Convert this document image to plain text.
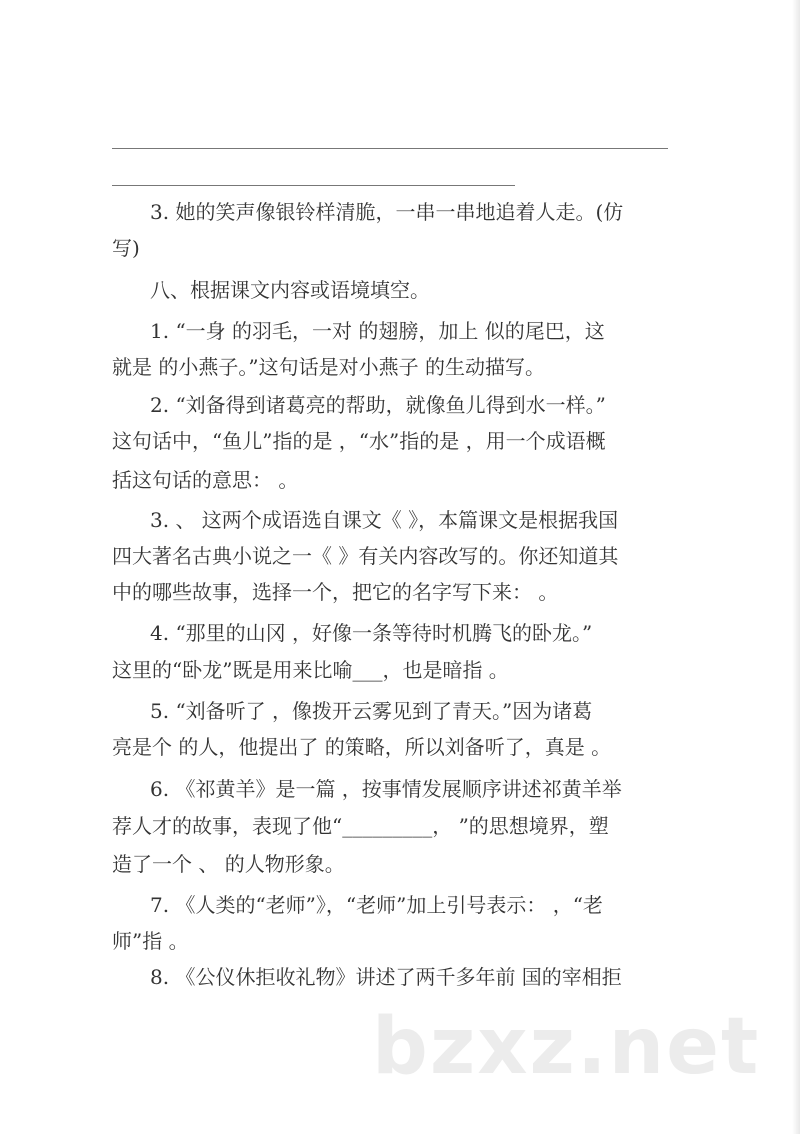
3. 她的笑声像银铃样清脆，一串一串地追着人走。(仿
写)
八、根据课文内容或语境填空。
1. “一身 的羽毛，一对 的翅膀，加上 似的尾巴，这
就是 的小燕子。”这句话是对小燕子 的生动描写。
2. “刘备得到诸葛亮的帮助，就像鱼儿得到水一样。”
这句话中，“鱼儿”指的是 ，“水”指的是 ，用一个成语概
括这句话的意思： 。
3. 、 这两个成语选自课文《 》，本篇课文是根据我国
四大著名古典小说之一《 》有关内容改写的。你还知道其
中的哪些故事，选择一个，把它的名字写下来： 。
4. “那里的山冈 ，好像一条等待时机腾飞的卧龙。”
这里的“卧龙”既是用来比喻___，也是暗指 。
5. “刘备听了 ，像拨开云雾见到了青天。”因为诸葛
亮是个 的人，他提出了 的策略，所以刘备听了，真是 。
6. 《祁黄羊》是一篇 ，按事情发展顺序讲述祁黄羊举
荐人才的故事，表现了他“_________， ”的思想境界，塑
造了一个 、 的人物形象。
7. 《人类的“老师”》，“老师”加上引号表示： ，“老
师”指 。
8. 《公仪休拒收礼物》讲述了两千多年前 国的宰相拒
bzxz.net
